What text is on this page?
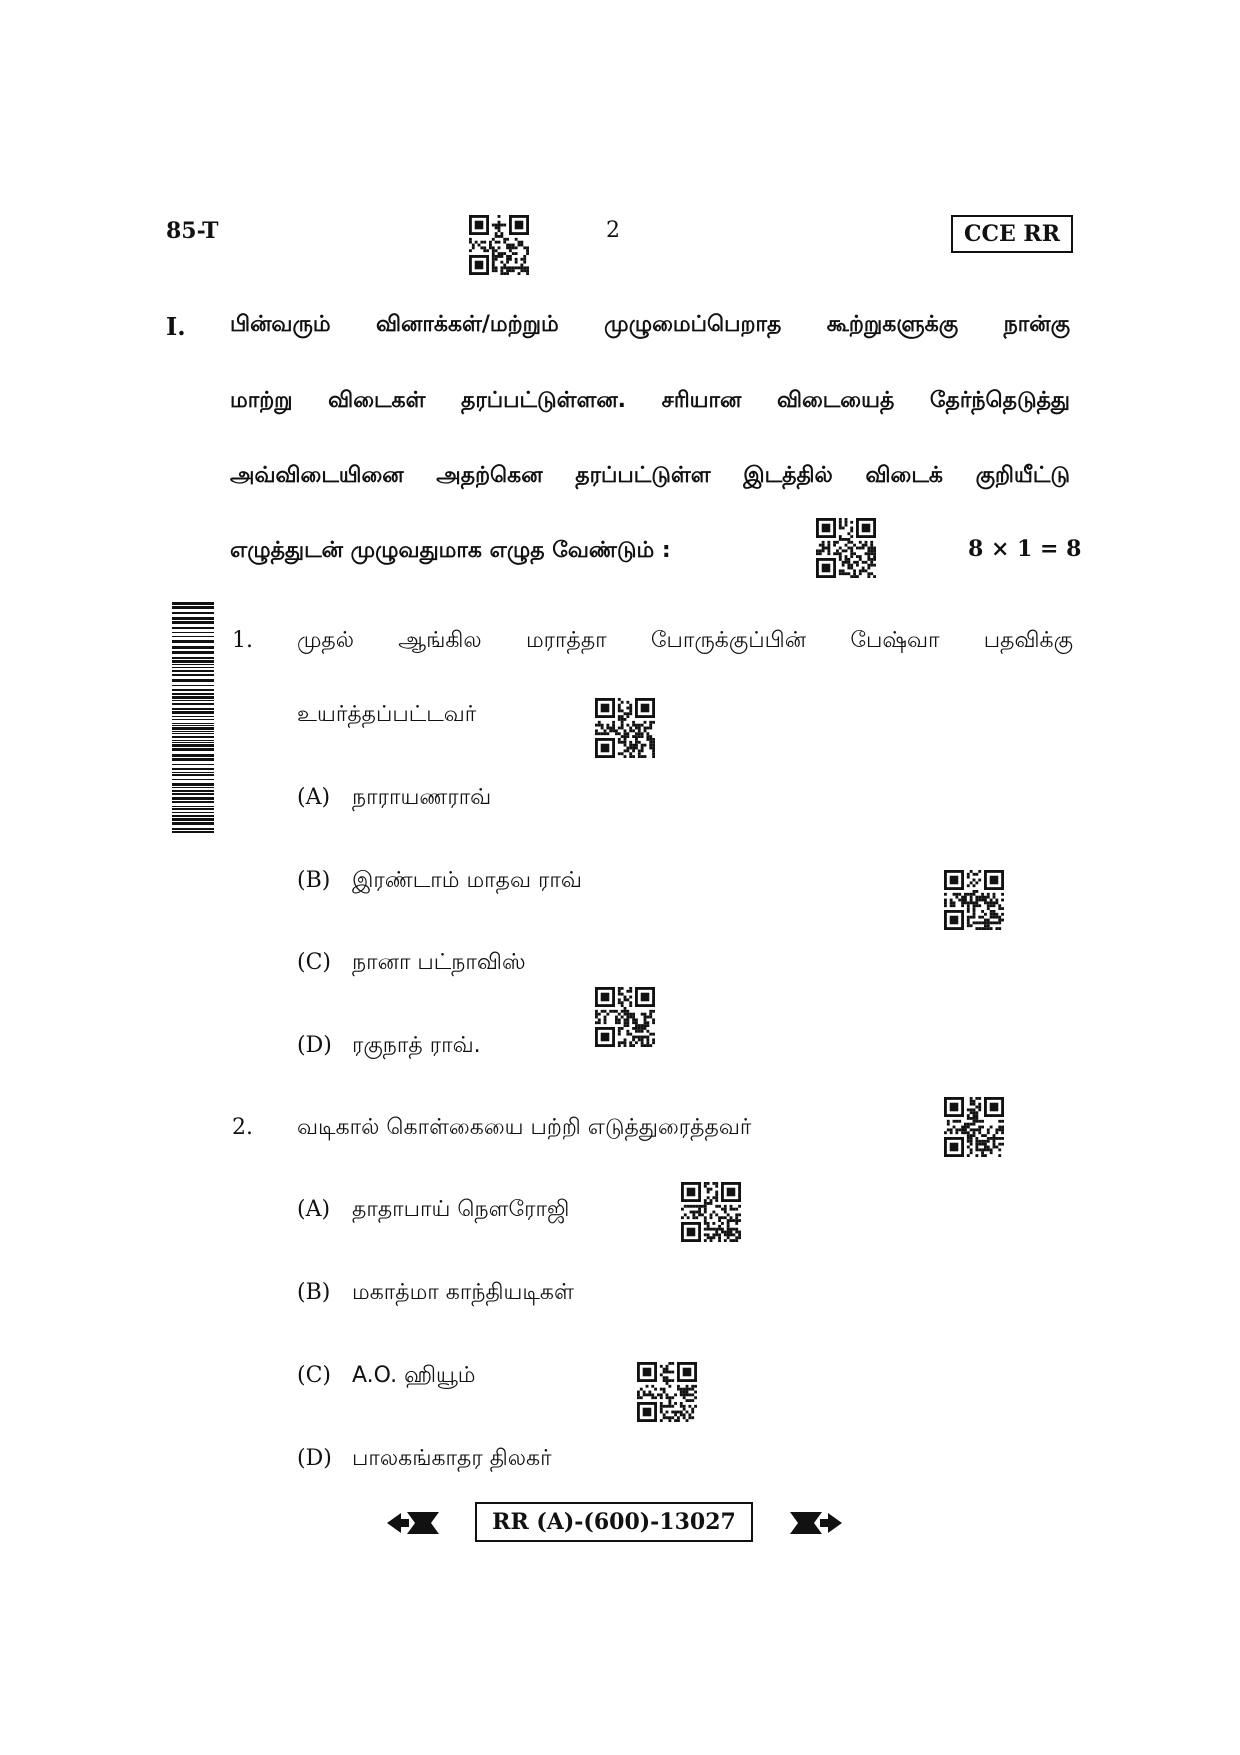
85-T	2	CCE RR
I. பின்வரும் வினாக்கள்/மற்றும் முழுமைப்பெறாத கூற்றுகளுக்கு நான்கு
மாற்று விடைகள் தரப்பட்டுள்ளன. சரியான விடையைத் தேர்ந்தெடுத்து
அவ்விடையினை அதற்கென தரப்பட்டுள்ள இடத்தில் விடைக் குறியீட்டு
எழுத்துடன் முழுவதுமாக எழுத வேண்டும் :	8 × 1 = 8
1. முதல் ஆங்கில மராத்தா போருக்குப்பின் பேஷ்வா பதவிக்கு
உயர்த்தப்பட்டவர்
(A) நாராயணராவ்
(B) இரண்டாம் மாதவ ராவ்
(C) நானா பட்நாவிஸ்
(D) ரகுநாத் ராவ்.
2. வடிகால் கொள்கையை பற்றி எடுத்துரைத்தவர்
(A) தாதாபாய் நௌரோஜி
(B) மகாத்மா காந்தியடிகள்
(C) A.O. ஹியூம்
(D) பாலகங்காதர திலகர்
RR (A)-(600)-13027
